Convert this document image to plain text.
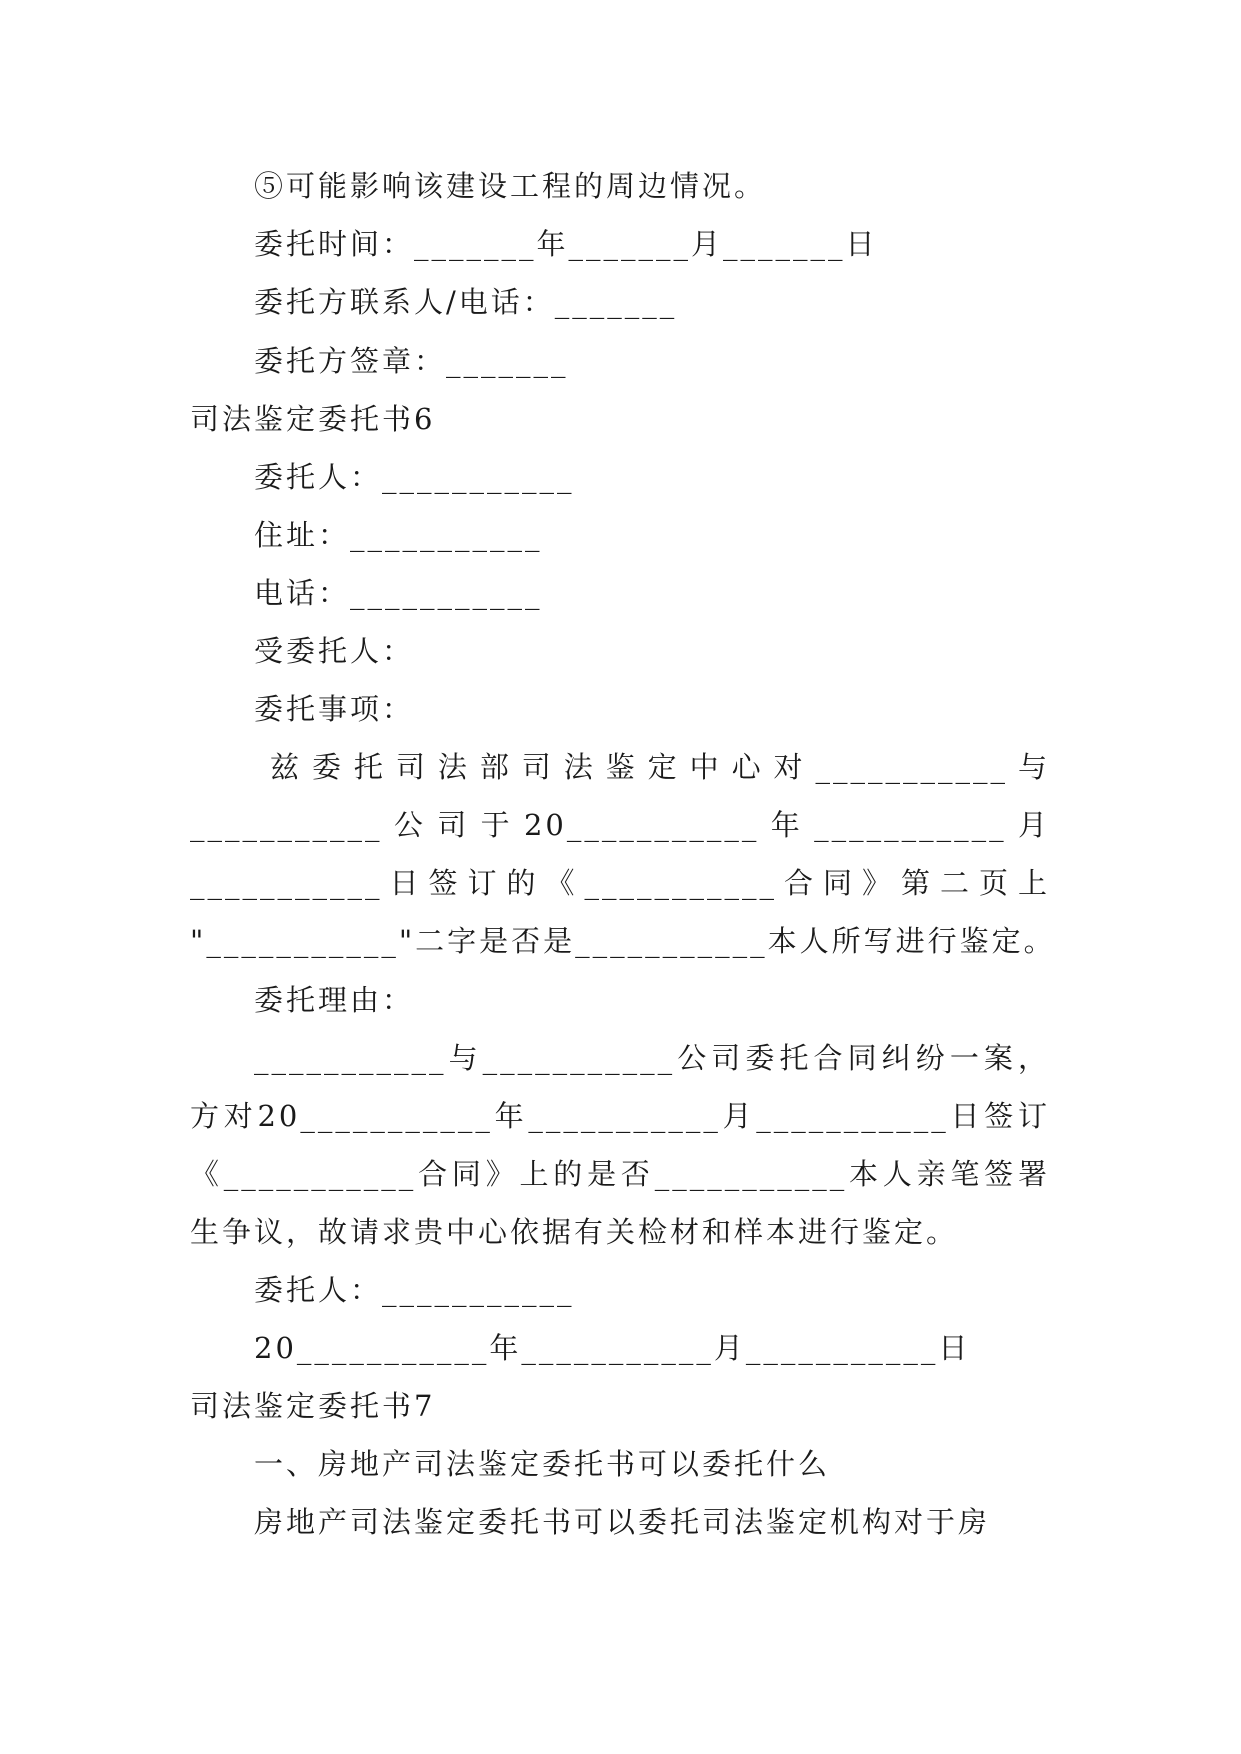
⑤可能影响该建设工程的周边情况。
委托时间：_______年_______月_______日
委托方联系人/电话：_______
委托方签章：_______
司法鉴定委托书6
委托人：___________
住址：___________
电话：___________
受委托人：
委托事项：
兹委托司法部司法鉴定中心对___________与
___________公司于20___________年___________月
___________日签订的《___________合同》第二页上
"___________"二字是否是___________本人所写进行鉴定。
委托理由：
___________与___________公司委托合同纠纷一案，
方对20___________年___________月___________日签订
《___________合同》上的是否___________本人亲笔签署
生争议，故请求贵中心依据有关检材和样本进行鉴定。
委托人：___________
20___________年___________月___________日
司法鉴定委托书7
一、房地产司法鉴定委托书可以委托什么
房地产司法鉴定委托书可以委托司法鉴定机构对于房
